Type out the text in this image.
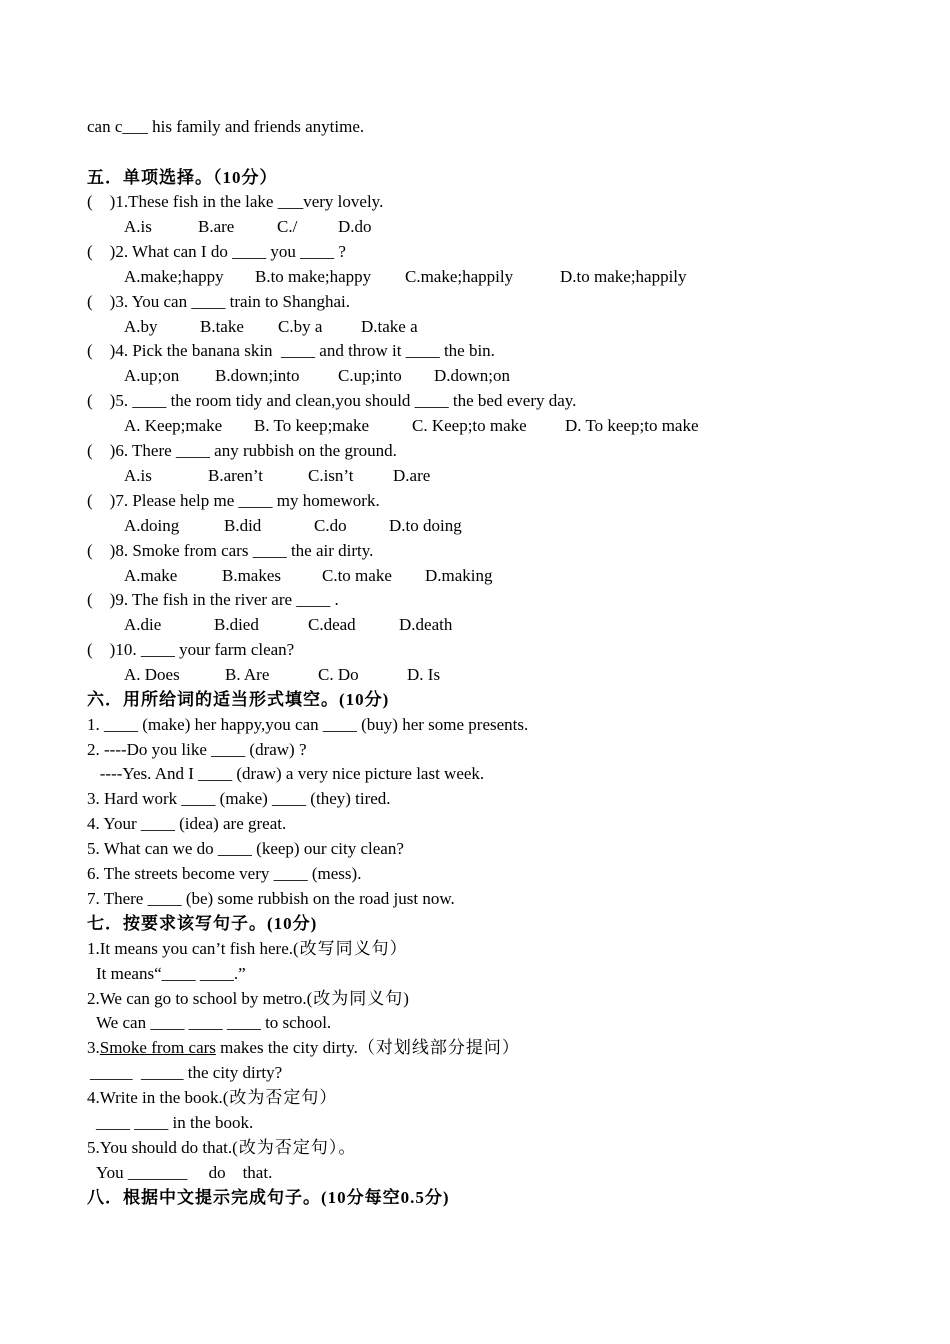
can c___ his family and friends anytime.
五．单项选择。（10分）
(    )1.These fish in the lake ___very lovely.
A.is	B.are	C./ D.do
(    )2. What can I do ____ you ____ ?
A.make;happy B.to make;happy C.make;happily	D.to make;happily
(    )3. You can ____ train to Shanghai.
A.by B.take C.by a D.take a
(    )4. Pick the banana skin  ____ and throw it ____ the bin.
A.up;on B.down;into C.up;into D.down;on
(    )5. ____ the room tidy and clean,you should ____ the bed every day.
A. Keep;make B. To keep;make	C. Keep;to make D. To keep;to make
(    )6. There ____ any rubbish on the ground.
A.is	B.aren’t	C.isn’t D.are
(    )7. Please help me ____ my homework.
A.doing	B.did	C.do D.to doing
(    )8. Smoke from cars ____ the air dirty.
A.make	B.makes C.to make D.making
(    )9. The fish in the river are ____ .
A.die	B.died	C.dead	D.death
(    )10. ____ your farm clean?
A. Does	B. Are	C. Do	D. Is
六．用所给词的适当形式填空。(10分)
1. ____ (make) her happy,you can ____ (buy) her some presents.
2. ----Do you like ____ (draw) ?
----Yes. And I ____ (draw) a very nice picture last week.
3. Hard work ____ (make) ____ (they) tired.
4. Your ____ (idea) are great.
5. What can we do ____ (keep) our city clean?
6. The streets become very ____ (mess).
7. There ____ (be) some rubbish on the road just now.
七．按要求该写句子。(10分)
1.It means you can’t fish here.(改写同义句）
It means“____ ____.”
2.We can go to school by metro.(改为同义句)
We can ____ ____ ____ to school.
3.Smoke from cars makes the city dirty.（对划线部分提问）
_____  _____ the city dirty?
4.Write in the book.(改为否定句）
____ ____ in the book.
5.You should do that.(改为否定句）。
You _______     do    that.
八．根据中文提示完成句子。(10分每空0.5分)
